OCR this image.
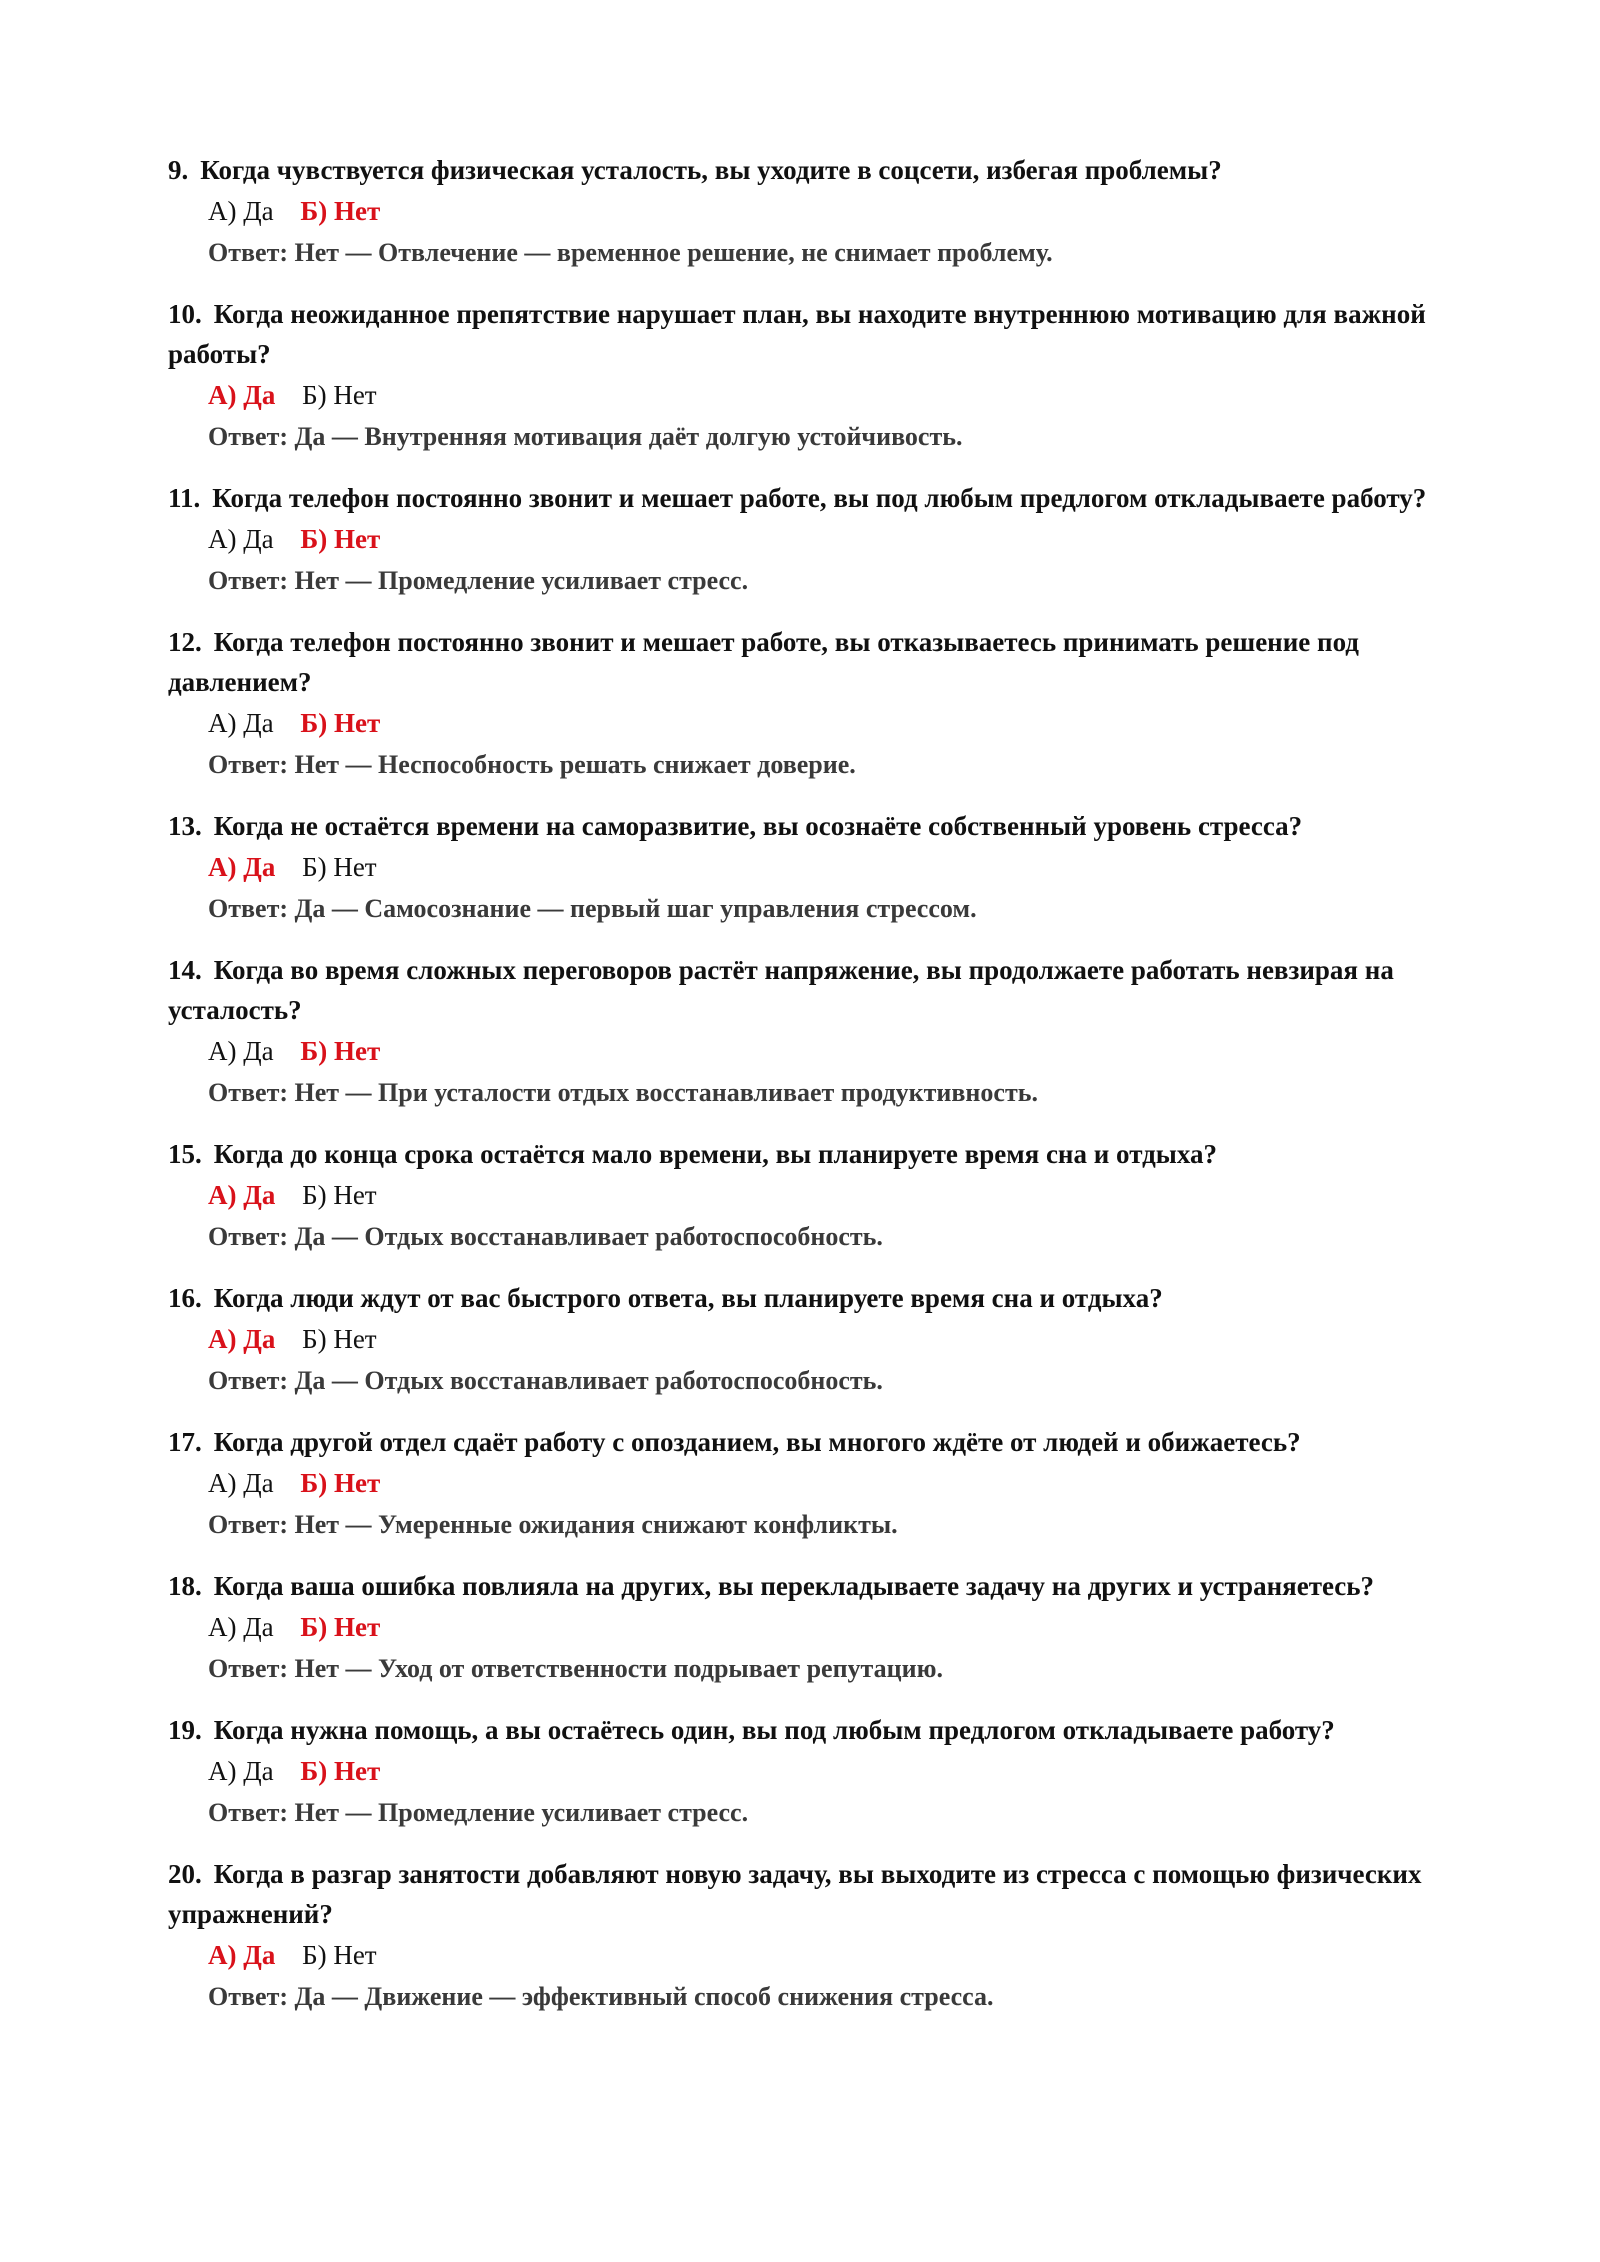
9. Когда чувствуется физическая усталость, вы уходите в соцсети, избегая проблемы?

А) Да Б) Нет
Ответ: Нет — Отвлечение — временное решение, не снимает проблему.

10. Когда неожиданное препятствие нарушает план, вы находите внутреннюю мотивацию для важной работы?

А) Да Б) Нет
Ответ: Да — Внутренняя мотивация даёт долгую устойчивость.

11. Когда телефон постоянно звонит и мешает работе, вы под любым предлогом откладываете работу?

А) Да Б) Нет
Ответ: Нет — Промедление усиливает стресс.

12. Когда телефон постоянно звонит и мешает работе, вы отказываетесь принимать решение под давлением?

А) Да Б) Нет
Ответ: Нет — Неспособность решать снижает доверие.

13. Когда не остаётся времени на саморазвитие, вы осознаёте собственный уровень стресса?

А) Да Б) Нет
Ответ: Да — Самосознание — первый шаг управления стрессом.

14. Когда во время сложных переговоров растёт напряжение, вы продолжаете работать невзирая на усталость?

А) Да Б) Нет
Ответ: Нет — При усталости отдых восстанавливает продуктивность.

15. Когда до конца срока остаётся мало времени, вы планируете время сна и отдыха?

А) Да Б) Нет
Ответ: Да — Отдых восстанавливает работоспособность.

16. Когда люди ждут от вас быстрого ответа, вы планируете время сна и отдыха?

А) Да Б) Нет
Ответ: Да — Отдых восстанавливает работоспособность.

17. Когда другой отдел сдаёт работу с опозданием, вы многого ждёте от людей и обижаетесь?

А) Да Б) Нет
Ответ: Нет — Умеренные ожидания снижают конфликты.

18. Когда ваша ошибка повлияла на других, вы перекладываете задачу на других и устраняетесь?

А) Да Б) Нет
Ответ: Нет — Уход от ответственности подрывает репутацию.

19. Когда нужна помощь, а вы остаётесь один, вы под любым предлогом откладываете работу?

А) Да Б) Нет
Ответ: Нет — Промедление усиливает стресс.

20. Когда в разгар занятости добавляют новую задачу, вы выходите из стресса с помощью физических упражнений?

А) Да Б) Нет
Ответ: Да — Движение — эффективный способ снижения стресса.
